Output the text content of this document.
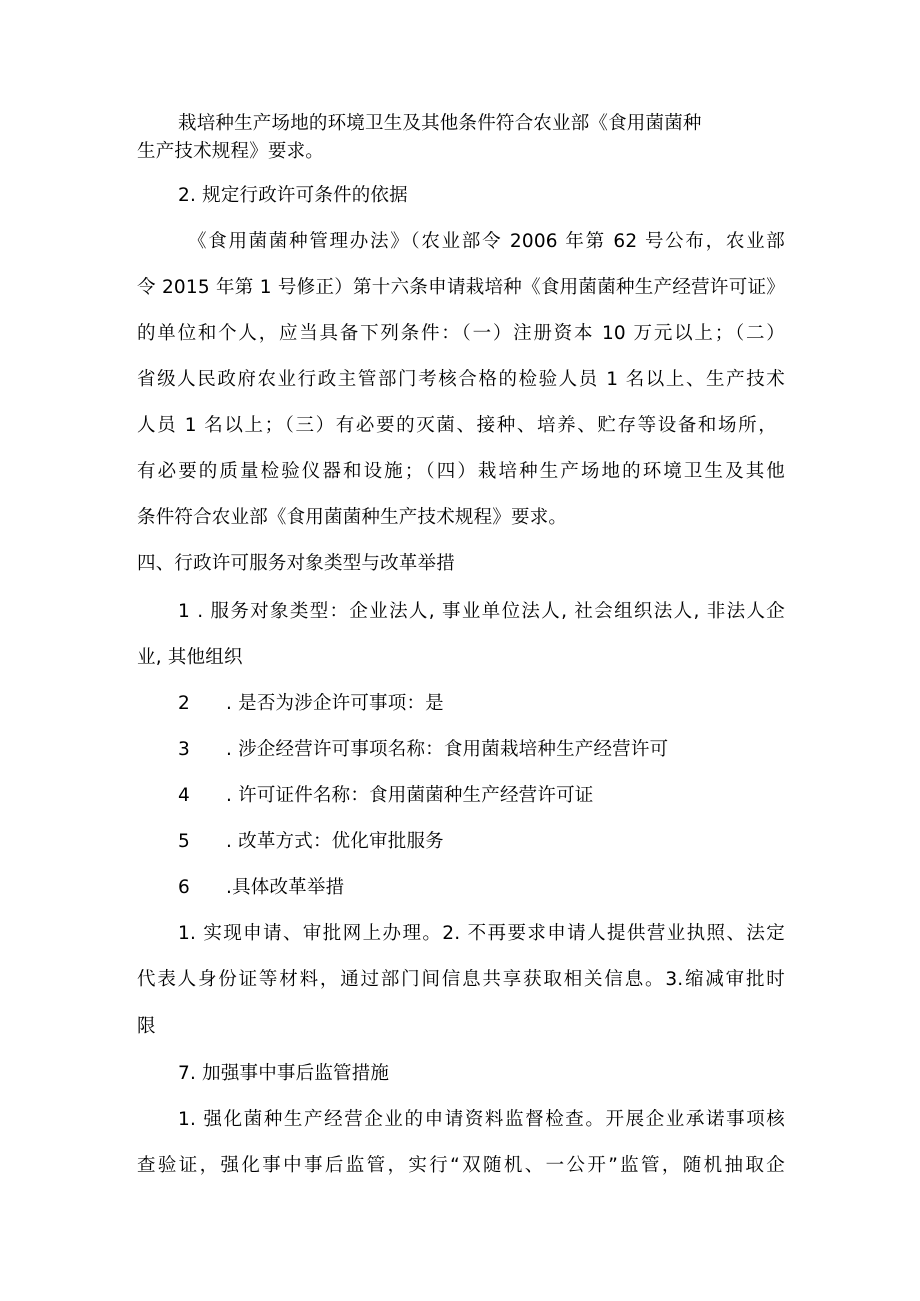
栽培种生产场地的环境卫生及其他条件符合农业部《食用菌菌种
生产技术规程》要求。
2. 规定行政许可条件的依据
《食用菌菌种管理办法》（农业部令 2006 年第 62 号公布，农业部
令 2015 年第 1 号修正）第十六条申请栽培种《食用菌菌种生产经营许可证》
的单位和个人，应当具备下列条件：（一）注册资本 10 万元以上；（二）
省级人民政府农业行政主管部门考核合格的检验人员 1 名以上、生产技术
人员 1 名以上；（三）有必要的灭菌、接种、培养、贮存等设备和场所，
有必要的质量检验仪器和设施；（四）栽培种生产场地的环境卫生及其他
条件符合农业部《食用菌菌种生产技术规程》要求。
四、行政许可服务对象类型与改革举措
1 . 服务对象类型：企业法人, 事业单位法人, 社会组织法人, 非法人企
业, 其他组织
2 . 是否为涉企许可事项：是
3 . 涉企经营许可事项名称：食用菌栽培种生产经营许可
4 . 许可证件名称：食用菌菌种生产经营许可证
5 . 改革方式：优化审批服务
6 .具体改革举措
1. 实现申请、审批网上办理。2. 不再要求申请人提供营业执照、法定
代表人身份证等材料，通过部门间信息共享获取相关信息。3.缩减审批时
限
7. 加强事中事后监管措施
1. 强化菌种生产经营企业的申请资料监督检查。开展企业承诺事项核
查验证，强化事中事后监管，实行“双随机、一公开”监管，随机抽取企
